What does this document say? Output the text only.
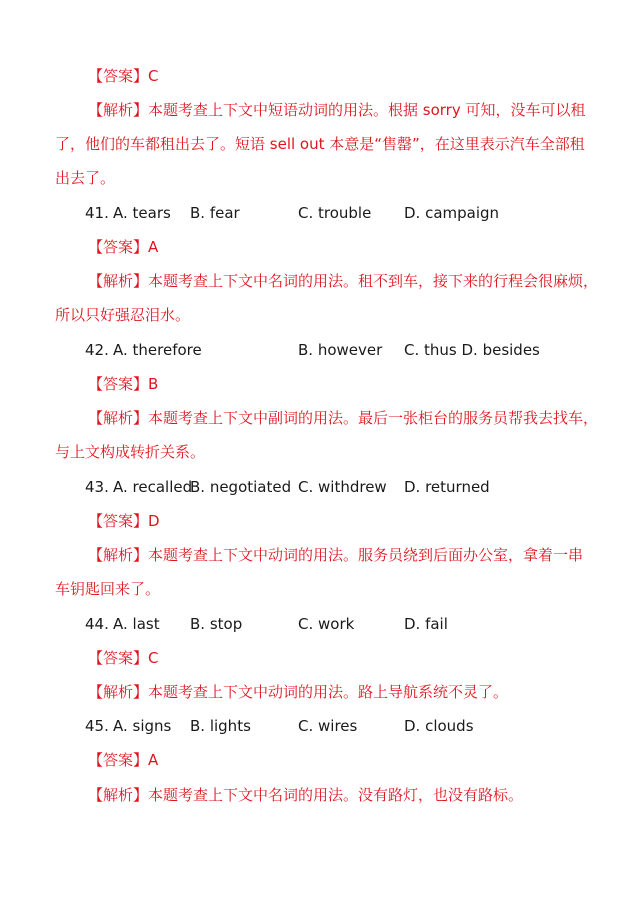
【答案】C
【解析】本题考查上下文中短语动词的用法。根据 sorry 可知，没车可以租
了，他们的车都租出去了。短语 sell out 本意是“售罄”，在这里表示汽车全部租
出去了。
41. A. tears B. fear	C. trouble D. campaign
【答案】A
【解析】本题考查上下文中名词的用法。租不到车，接下来的行程会很麻烦，
所以只好强忍泪水。
42. A. therefore	B. however C. thus D. besides
【答案】B
【解析】本题考查上下文中副词的用法。最后一张柜台的服务员帮我去找车，
与上文构成转折关系。
43. A. recalled
B. negotiated C. withdrew D. returned
【答案】D
【解析】本题考查上下文中动词的用法。服务员绕到后面办公室，拿着一串
车钥匙回来了。
44. A. last B. stop	C. work	D. fail
【答案】C
【解析】本题考查上下文中动词的用法。路上导航系统不灵了。
45. A. signs B. lights	C. wires	D. clouds
【答案】A
【解析】本题考查上下文中名词的用法。没有路灯，也没有路标。
